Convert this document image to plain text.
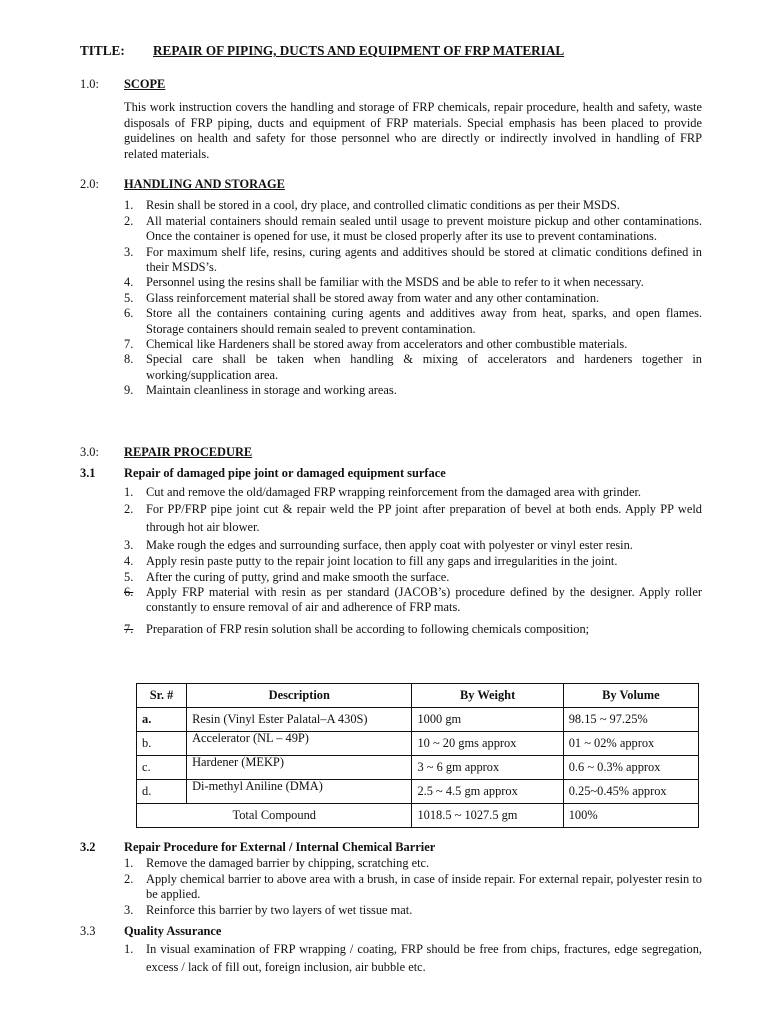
TITLE: REPAIR OF PIPING, DUCTS AND EQUIPMENT OF FRP MATERIAL
1.0:	SCOPE
This work instruction covers the handling and storage of FRP chemicals, repair procedure, health and safety, waste disposals of FRP piping, ducts and equipment of FRP materials. Special emphasis has been placed to provide guidelines on health and safety for those personnel who are directly or indirectly involved in handling of FRP related materials.
2.0:	HANDLING AND STORAGE
1.	Resin shall be stored in a cool, dry place, and controlled climatic conditions as per their MSDS.
2.	All material containers should remain sealed until usage to prevent moisture pickup and other contaminations. Once the container is opened for use, it must be closed properly after its use to prevent contaminations.
3.	For maximum shelf life, resins, curing agents and additives should be stored at climatic conditions defined in their MSDS’s.
4.	Personnel using the resins shall be familiar with the MSDS and be able to refer to it when necessary.
5.	Glass reinforcement material shall be stored away from water and any other contamination.
6.	Store all the containers containing curing agents and additives away from heat, sparks, and open flames. Storage containers should remain sealed to prevent contamination.
7.	Chemical like Hardeners shall be stored away from accelerators and other combustible materials.
8.	Special care shall be taken when handling & mixing of accelerators and hardeners together in working/supplication area.
9.	Maintain cleanliness in storage and working areas.
3.0:	REPAIR PROCEDURE
3.1	Repair of damaged pipe joint or damaged equipment surface
1.	Cut and remove the old/damaged FRP wrapping reinforcement from the damaged area with grinder.
2.	For PP/FRP pipe joint cut & repair weld the PP joint after preparation of bevel at both ends. Apply PP weld through hot air blower.
3.	Make rough the edges and surrounding surface, then apply coat with polyester or vinyl ester resin.
4.	Apply resin paste putty to the repair joint location to fill any gaps and irregularities in the joint.
5.	After the curing of putty, grind and make smooth the surface.
6.	Apply FRP material with resin as per standard (JACOB’s) procedure defined by the designer. Apply roller constantly to ensure removal of air and adherence of FRP mats.
7.	Preparation of FRP resin solution shall be according to following chemicals composition;
Sr. #	Description	By Weight	By Volume
a.	Resin (Vinyl Ester Palatal–A 430S)	1000 gm	98.15 ~ 97.25%
b.	Accelerator (NL – 49P)	10 ~ 20 gms approx	01 ~ 02% approx
c.	Hardener (MEKP)	3 ~ 6 gm approx	0.6 ~ 0.3% approx
d.	Di-methyl Aniline (DMA)	2.5 ~ 4.5 gm approx	0.25~0.45% approx
Total Compound		1018.5 ~ 1027.5 gm	100%
3.2	Repair Procedure for External / Internal Chemical Barrier
1.	Remove the damaged barrier by chipping, scratching etc.
2.	Apply chemical barrier to above area with a brush, in case of inside repair. For external repair, polyester resin to be applied.
3.	Reinforce this barrier by two layers of wet tissue mat.
3.3	Quality Assurance
1.	In visual examination of FRP wrapping / coating, FRP should be free from chips, fractures, edge segregation, excess / lack of fill out, foreign inclusion, air bubble etc.
